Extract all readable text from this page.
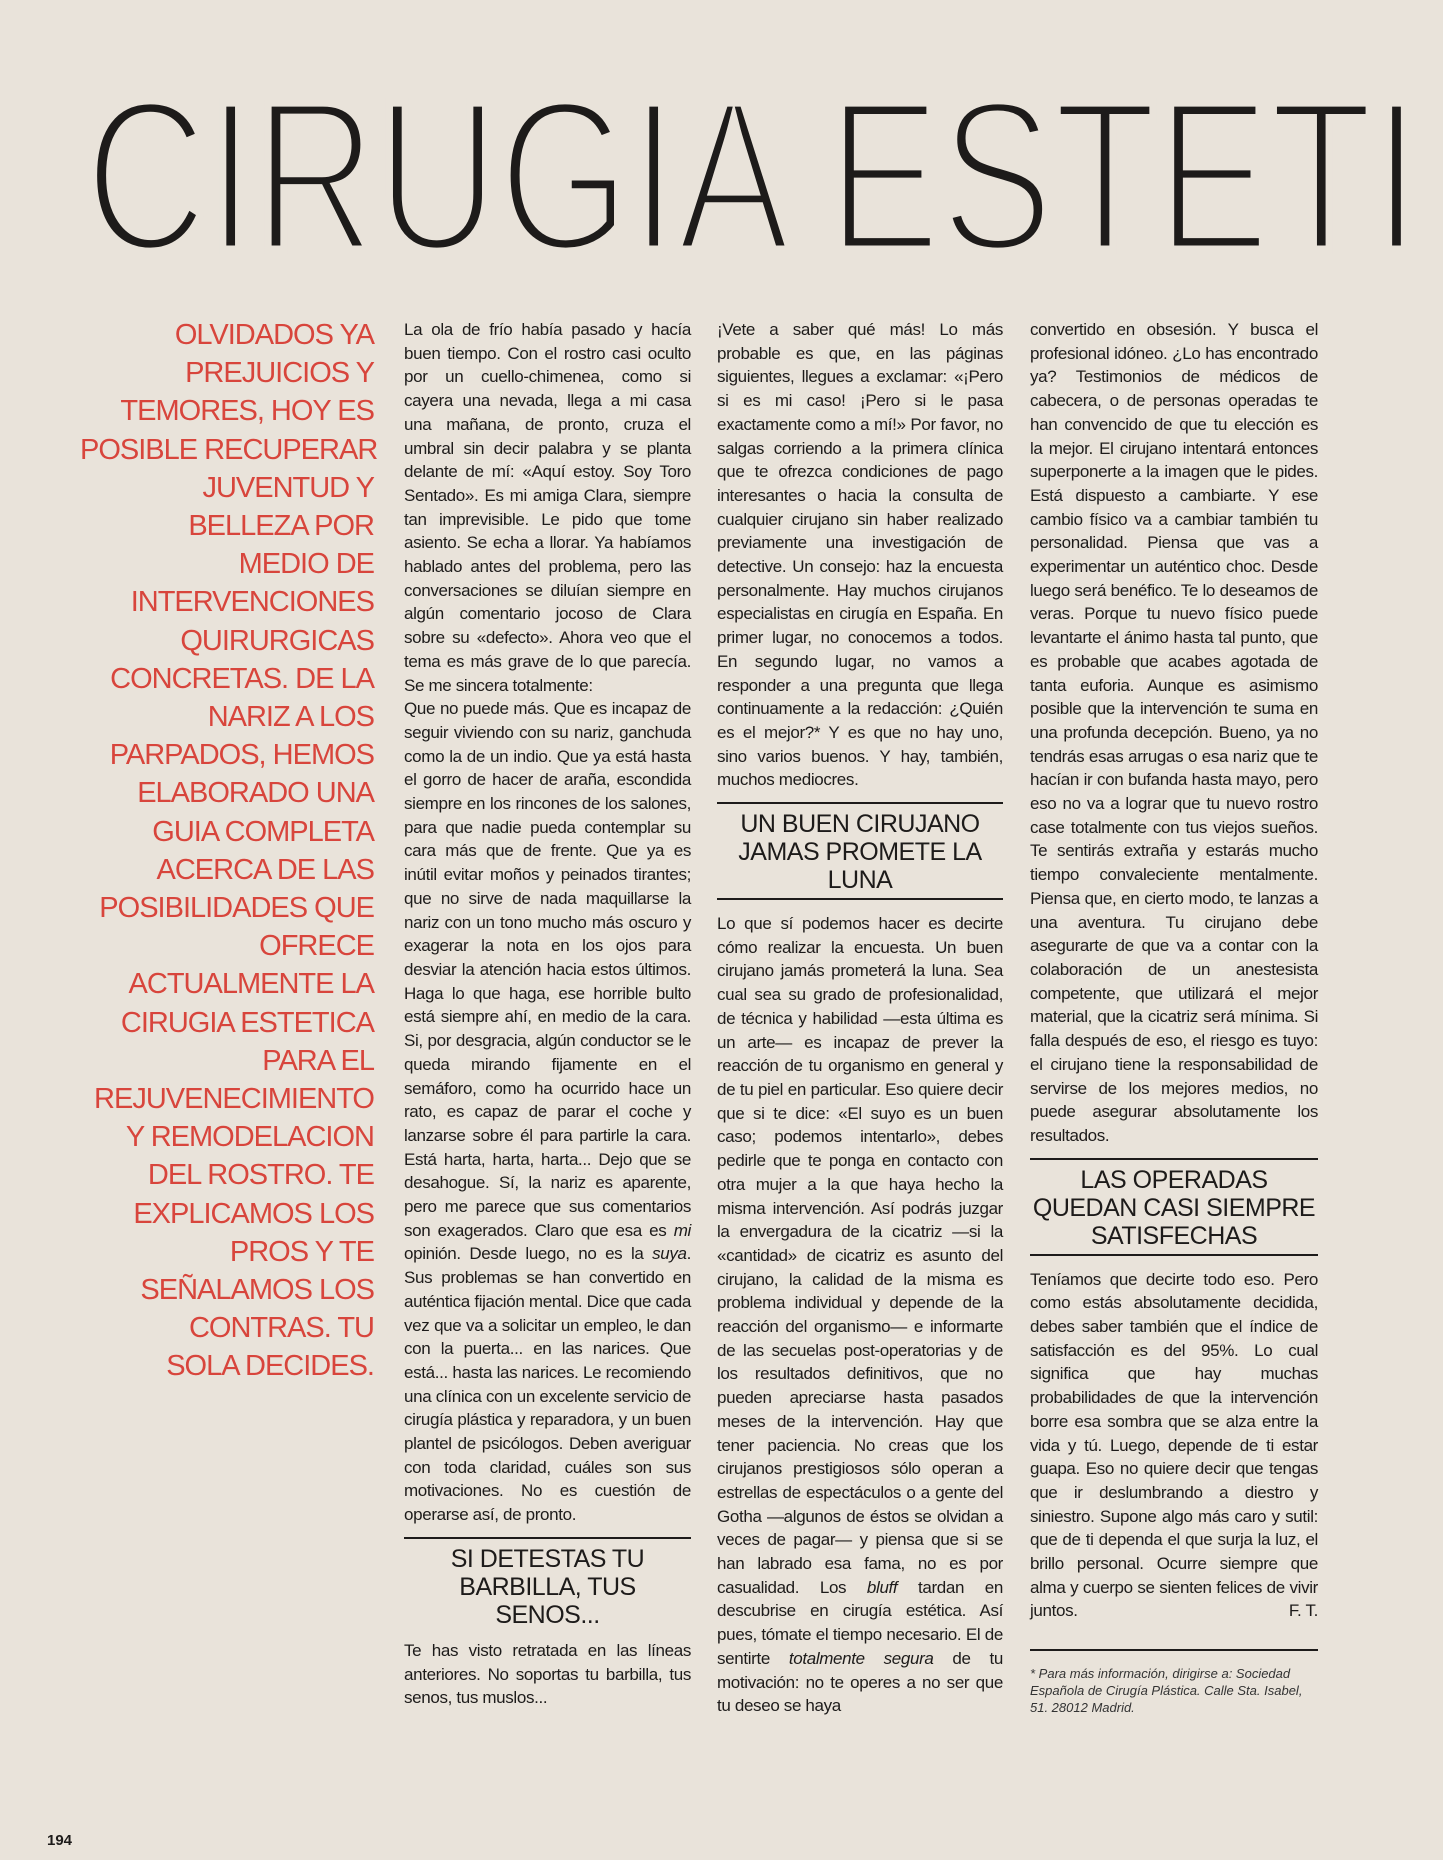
CIRUGIA ESTETI
OLVIDADOS YA
PREJUICIOS Y
TEMORES, HOY ES
POSIBLE RECUPERAR
JUVENTUD Y
BELLEZA POR
MEDIO DE
INTERVENCIONES
QUIRURGICAS
CONCRETAS. DE LA
NARIZ A LOS
PARPADOS, HEMOS
ELABORADO UNA
GUIA COMPLETA
ACERCA DE LAS
POSIBILIDADES QUE
OFRECE
ACTUALMENTE LA
CIRUGIA ESTETICA
PARA EL
REJUVENECIMIENTO
Y REMODELACION
DEL ROSTRO. TE
EXPLICAMOS LOS
PROS Y TE
SEÑALAMOS LOS
CONTRAS. TU
SOLA DECIDES.

La ola de frío había pasado y hacía buen tiempo. Con el rostro casi oculto por un cuello-chimenea, como si cayera una nevada, llega a mi casa una mañana, de pronto, cruza el umbral sin decir palabra y se planta delante de mí: «Aquí estoy. Soy Toro Sentado». Es mi amiga Clara, siempre tan imprevisible. Le pido que tome asiento. Se echa a llorar. Ya habíamos hablado antes del problema, pero las conversaciones se diluían siempre en algún comentario jocoso de Clara sobre su «defecto». Ahora veo que el tema es más grave de lo que parecía. Se me sincera totalmente:

Que no puede más. Que es incapaz de seguir viviendo con su nariz, ganchuda como la de un indio. Que ya está hasta el gorro de hacer de araña, escondida siempre en los rincones de los salones, para que nadie pueda contemplar su cara más que de frente. Que ya es inútil evitar moños y peinados tirantes; que no sirve de nada maquillarse la nariz con un tono mucho más oscuro y exagerar la nota en los ojos para desviar la atención hacia estos últimos. Haga lo que haga, ese horrible bulto está siempre ahí, en medio de la cara. Si, por desgracia, algún conductor se le queda mirando fijamente en el semáforo, como ha ocurrido hace un rato, es capaz de parar el coche y lanzarse sobre él para partirle la cara. Está harta, harta, harta... Dejo que se desahogue. Sí, la nariz es aparente, pero me parece que sus comentarios son exagerados. Claro que esa es mi opinión. Desde luego, no es la suya. Sus problemas se han convertido en auténtica fijación mental. Dice que cada vez que va a solicitar un empleo, le dan con la puerta... en las narices. Que está... hasta las narices. Le recomiendo una clínica con un excelente servicio de cirugía plástica y reparadora, y un buen plantel de psicólogos. Deben averiguar con toda claridad, cuáles son sus motivaciones. No es cuestión de operarse así, de pronto.

SI DETESTAS TU BARBILLA, TUS SENOS...

Te has visto retratada en las líneas anteriores. No soportas tu barbilla, tus senos, tus muslos...

¡Vete a saber qué más! Lo más probable es que, en las páginas siguientes, llegues a exclamar: «¡Pero si es mi caso! ¡Pero si le pasa exactamente como a mí!» Por favor, no salgas corriendo a la primera clínica que te ofrezca condiciones de pago interesantes o hacia la consulta de cualquier cirujano sin haber realizado previamente una investigación de detective. Un consejo: haz la encuesta personalmente. Hay muchos cirujanos especialistas en cirugía en España. En primer lugar, no conocemos a todos. En segundo lugar, no vamos a responder a una pregunta que llega continuamente a la redacción: ¿Quién es el mejor?* Y es que no hay uno, sino varios buenos. Y hay, también, muchos mediocres.

UN BUEN CIRUJANO JAMAS PROMETE LA LUNA

Lo que sí podemos hacer es decirte cómo realizar la encuesta. Un buen cirujano jamás prometerá la luna. Sea cual sea su grado de profesionalidad, de técnica y habilidad —esta última es un arte— es incapaz de prever la reacción de tu organismo en general y de tu piel en particular. Eso quiere decir que si te dice: «El suyo es un buen caso; podemos intentarlo», debes pedirle que te ponga en contacto con otra mujer a la que haya hecho la misma intervención. Así podrás juzgar la envergadura de la cicatriz —si la «cantidad» de cicatriz es asunto del cirujano, la calidad de la misma es problema individual y depende de la reacción del organismo— e informarte de las secuelas post-operatorias y de los resultados definitivos, que no pueden apreciarse hasta pasados meses de la intervención. Hay que tener paciencia. No creas que los cirujanos prestigiosos sólo operan a estrellas de espectáculos o a gente del Gotha —algunos de éstos se olvidan a veces de pagar— y piensa que si se han labrado esa fama, no es por casualidad. Los bluff tardan en descubrise en cirugía estética. Así pues, tómate el tiempo necesario. El de sentirte totalmente segura de tu motivación: no te operes a no ser que tu deseo se haya

convertido en obsesión. Y busca el profesional idóneo. ¿Lo has encontrado ya? Testimonios de médicos de cabecera, o de personas operadas te han convencido de que tu elección es la mejor. El cirujano intentará entonces superponerte a la imagen que le pides. Está dispuesto a cambiarte. Y ese cambio físico va a cambiar también tu personalidad. Piensa que vas a experimentar un auténtico choc. Desde luego será benéfico. Te lo deseamos de veras. Porque tu nuevo físico puede levantarte el ánimo hasta tal punto, que es probable que acabes agotada de tanta euforia. Aunque es asimismo posible que la intervención te suma en una profunda decepción. Bueno, ya no tendrás esas arrugas o esa nariz que te hacían ir con bufanda hasta mayo, pero eso no va a lograr que tu nuevo rostro case totalmente con tus viejos sueños. Te sentirás extraña y estarás mucho tiempo convaleciente mentalmente. Piensa que, en cierto modo, te lanzas a una aventura. Tu cirujano debe asegurarte de que va a contar con la colaboración de un anestesista competente, que utilizará el mejor material, que la cicatriz será mínima. Si falla después de eso, el riesgo es tuyo: el cirujano tiene la responsabilidad de servirse de los mejores medios, no puede asegurar absolutamente los resultados.

LAS OPERADAS QUEDAN CASI SIEMPRE SATISFECHAS

Teníamos que decirte todo eso. Pero como estás absolutamente decidida, debes saber también que el índice de satisfacción es del 95%. Lo cual significa que hay muchas probabilidades de que la intervención borre esa sombra que se alza entre la vida y tú. Luego, depende de ti estar guapa. Eso no quiere decir que tengas que ir deslumbrando a diestro y siniestro. Supone algo más caro y sutil: que de ti dependa el que surja la luz, el brillo personal. Ocurre siempre que alma y cuerpo se sienten felices de vivir juntos.	F. T.

* Para más información, dirigirse a: Sociedad Española de Cirugía Plástica. Calle Sta. Isabel, 51. 28012 Madrid.
194
